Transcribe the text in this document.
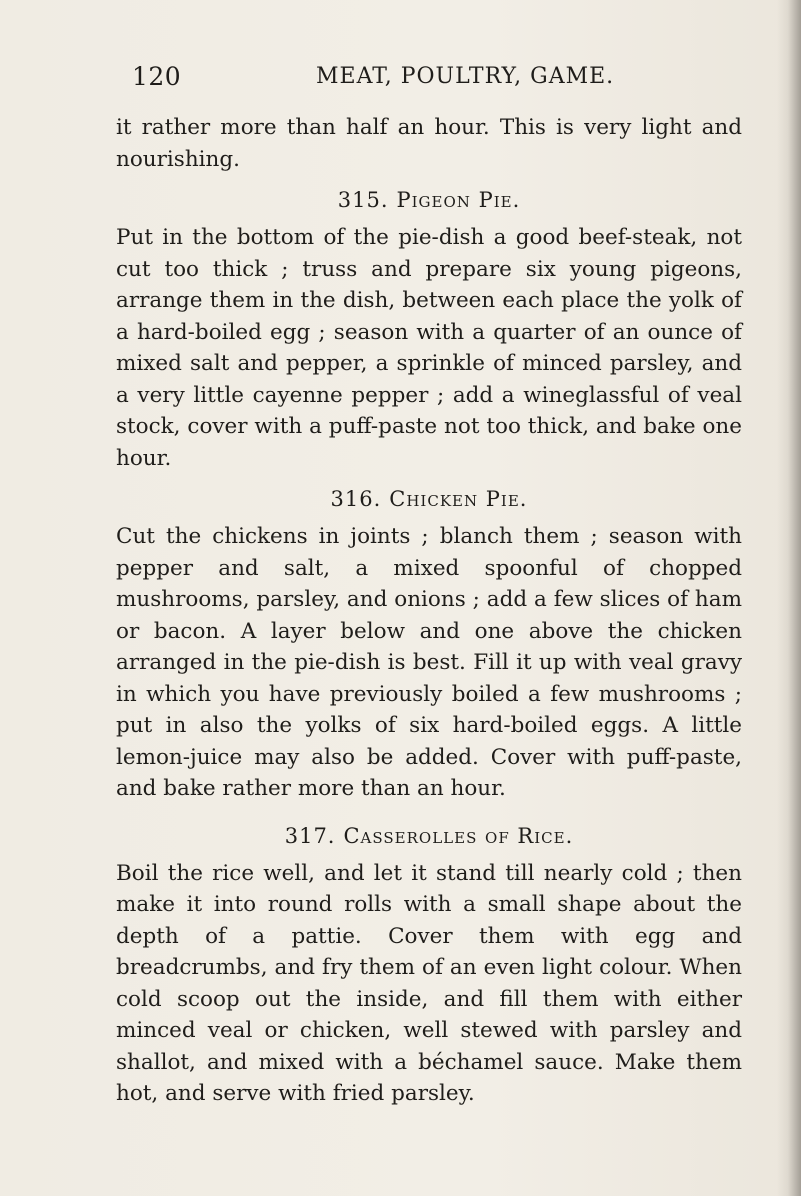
120	MEAT, POULTRY, GAME.

it rather more than half an hour. This is very light and nourishing.

315. Pigeon Pie.

Put in the bottom of the pie-dish a good beef-steak, not cut too thick ; truss and prepare six young pigeons, arrange them in the dish, between each place the yolk of a hard-boiled egg ; season with a quarter of an ounce of mixed salt and pepper, a sprinkle of minced parsley, and a very little cayenne pepper ; add a wineglassful of veal stock, cover with a puff-paste not too thick, and bake one hour.

316. Chicken Pie.

Cut the chickens in joints ; blanch them ; season with pepper and salt, a mixed spoonful of chopped mushrooms, parsley, and onions ; add a few slices of ham or bacon. A layer below and one above the chicken arranged in the pie-dish is best. Fill it up with veal gravy in which you have previously boiled a few mushrooms ; put in also the yolks of six hard-boiled eggs. A little lemon-juice may also be added. Cover with puff-paste, and bake rather more than an hour.

317. Casserolles of Rice.

Boil the rice well, and let it stand till nearly cold ; then make it into round rolls with a small shape about the depth of a pattie. Cover them with egg and breadcrumbs, and fry them of an even light colour. When cold scoop out the inside, and fill them with either minced veal or chicken, well stewed with parsley and shallot, and mixed with a béchamel sauce. Make them hot, and serve with fried parsley.
